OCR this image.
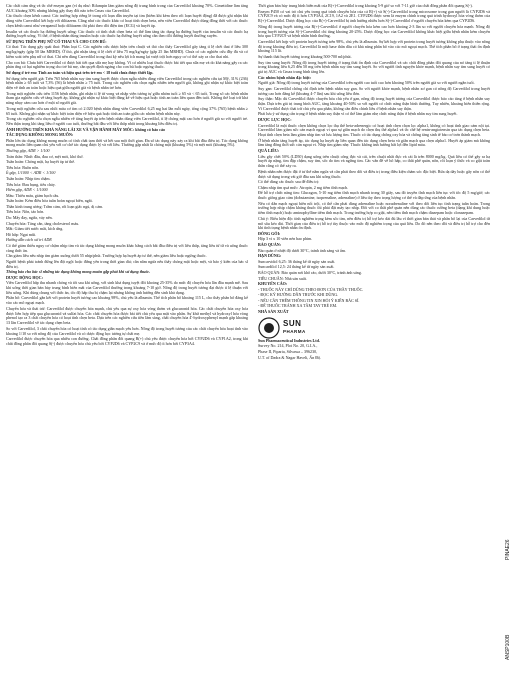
Các chất cảm ứng và ức chế enzym gan (ví dụ như: Rifampin làm giảm nồng độ trung bình trong của Carvedilol khoảng 70%. Cimetidine làm tăng AUC khoảng 30% nhưng không gây thay đổi nào trên Cmax của Carvedilol.

Các thuốc chẹn kênh canxi: Các trường hợp riêng lẻ trong rối loạn dẫn truyền tại tim (hiếm khi kèm theo rối loạn huyết động) đã được ghi nhận khi dùng viên Carvedilol kết hợp với diltiazem. Cũng như các thuốc khác có hoạt tính chẹn beta, nên viên Carvedilol được dùng đồng thời với các thuốc chẹn kênh canxi như verapamil hoặc diltiazem thì phải theo dõi điện tim (ECG) và huyết áp.

Insulin và các thuốc hạ đường huyết uống: Các thuốc có tính chất chẹn beta có thể làm tăng tác dụng hạ đường huyết của insulin và các thuốc hạ đường huyết uống. Vì thế, ở bệnh nhân dùng insulin hoặc các thuốc hạ đường huyết uống cần theo dõi đường huyết thường xuyên.

SỬ DỤNG TRÊN PHỤ NỮ CÓ THAI VÀ CHO CON BÚ:

Có thai: Tác dụng gây quái thai: Phân loại C. Các nghiên cứu dược hiện trên chuột và thỏ cho thấy Carvedilol gây tăng tỉ lệ chết thai ở liều 300 mg/kg/ngày (gấp 50 lần MRHD). Ở thỏ, ghi nhận tăng tỉ lệ chết ở liều 75 mg/kg/ngày (gấp 25 lần MRHD). Chưa có các nghiên cứu đầy đủ và có kiểm soát trên phụ nữ có thai. Chỉ nên dùng Carvedilol trong thai kỳ nếu lợi ích mang lại vượt trội hơn nguy cơ có thể xảy ra cho thai nhi.

Cho con bú: Chưa biết Carvedilol có được bài tiết qua sữa mẹ hay không. Vì có nhiều loại thuốc được bài tiết qua sữa mẹ và do khả năng gây ra các phản ứng có hại nghiêm trọng cho trẻ bú mẹ, cần quyết định ngưng cho con bú hoặc ngưng thuốc.

Sử dụng ở trẻ em: Tính an toàn và hiệu quả trên trẻ em < 18 tuổi chưa được thiết lập.

Sử dụng trên người già: Trên 765 bệnh nhân suy tim sung huyết được chọn ngẫu nhiên dùng viên Carvedilol trong các nghiên cứu tại Mỹ, 31% (236) bệnh nhân ≥ 65 tuổi và 7,3% (56) là bệnh nhân ≥ 75 tuổi. Trong các nghiên cứu chọn ngẫu nhiên trên người già, không ghi nhận sự khác biệt toàn diện về tính an toàn hoặc hiệu quả giữa người già và bệnh nhân trẻ hơn.

Trong một nghiên cứu trên 1156 bệnh nhân, ghi nhận tỉ lệ tử vong và nhập viện tương tự giữa nhóm tuổi ≥ 65 và < 65 tuổi. Trong số các bệnh nhân tham gia nghiên cứu về tăng huyết áp, không ghi nhận sự khác biệt đáng kể về hiệu quả hoặc tính an toàn liên quan đến tuổi. Không thể loại trừ khả năng nhạy cảm cao hơn ở một số người già.

Trong một nghiên cứu sau nhồi máu cơ tim có 2.020 bệnh nhân dùng viên Carvedilol 6,25 mg hai lần mỗi ngày, tổng cộng 37% (765) bệnh nhân ≥ 65 tuổi. Không ghi nhận sự khác biệt toàn diện về hiệu quả hoặc tính an toàn giữa các nhóm bệnh nhân này.

Trong các nghiên cứu chọn ngẫu nhiên về tăng huyết áp trên bệnh nhân dùng viên Carvedilol, tỉ lệ chóng mặt cao hơn ở người già so với người trẻ. Nên thận trọng khi tăng liều ở người cao tuổi, thường bắt đầu với liều thấp nhất trong khoảng liều điều trị.

ẢNH HƯỞNG TRÊN KHẢ NĂNG LÁI XE VÀ VẬN HÀNH MÁY MÓC: không có báo cáo

TÁC DỤNG KHÔNG MONG MUỐN:

Phần lớn tác dụng không mong muốn có tính chất tạm thời và hết sau một thời gian. Đa số tác dụng này xảy ra khi bắt đầu điều trị. Tác dụng không mong muốn liên quan chủ yếu với cơ chế tác dụng được lý và với liều. Thường gặp nhất là chóng mặt (khoảng 5%) và mệt mỏi (khoảng 5%).

Thường gặp, ADR > 1/100

Toàn thân: Nhức đầu, đau cơ, mệt mỏi, khó thở.

Tuần hoàn: Chóng mặt, hạ huyết áp tư thế.

Tiêu hóa: Buồn nôn.

Ít gặp, 1/1000 < ADR < 1/100

Tuần hoàn: Nhịp tim chậm.

Tiêu hóa: Đau bụng, tiêu chảy.

Hiếm gặp, ADR < 1/1000

Máu: Thiếu máu, giảm bạch cầu.

Tuần hoàn: Kém điều hòa tuần hoàn ngoại biên, ngất.

Thần kinh trung ương: Trầm cảm, rối loạn giấc ngủ, dị cảm.

Tiêu hóa: Nôn, táo bón.

Da: Mẩy đay, ngứa, vảy nến.

Chuyển hóa: Tăng cân, tăng cholesterol máu.

Mắt: Giảm tiết nước mắt, kích ứng.

Hô hấp: Ngạt mũi.

Hướng dẫn cách xử trí ADR

Có thể giảm thiểu nguy cơ chậm nhịp tim và tác dụng không mong muốn khác bằng cách bắt đầu điều trị với liều thấp, tăng liều từ từ và uống thuốc cùng thức ăn.

Cần giảm liều nếu nhịp tim giảm xuống dưới 55 nhịp/phút. Trường hợp hạ huyết áp tư thế, nên giảm liều hoặc ngừng thuốc.

Người bệnh phải tránh đứng lên đột ngột hoặc đứng yên trong thời gian dài; cần nằm ngửa nếu thấy chóng mặt hoặc mệt, và báo ý kiến của bác sĩ điều trị.

Thông báo cho bác sĩ những tác dụng không mong muốn gặp phải khi sử dụng thuốc.

DƯỢC ĐỘNG HỌC:

Viên Carvedilol hấp thu nhanh chóng và tốt sau khi uống, với sinh khả dụng tuyệt đối khoảng 25-35% do mức độ chuyển hóa lần đầu mạnh mẽ. Sau khi uống thời gian bán hủy trung bình biến mất của Carvedilol thường trong khoảng 7-10 giờ. Nồng độ trong huyết tương đạt được tỉ lệ thuận với liều uống. Khi dùng chung với thức ăn, tốc độ hấp thu bị chậm lại nhưng không ảnh hưởng đến sinh khả dụng.

Phân bố: Carvedilol gắn kết với protein huyết tương cao khoảng 98%, chủ yếu là albumin. Thể tích phân bố khoảng 115 L, cho thấy phân bố đáng kể vào các mô ngoại mạch.

Chuyển hóa và thải trừ: Carvedilol được chuyển hóa mạnh, chủ yếu qua sự oxy hóa vòng thơm và glucuronid hóa. Các chất chuyển hóa oxy hóa được liên hợp tiếp qua glucuronid và sulfat hóa. Các chất chuyển hóa được bài tiết chủ yếu qua mật vào phân. Sự khử methyl và hydroxyl hóa vòng phenol tạo ra 3 chất chuyển hóa có hoạt tính chẹn beta. Dựa trên các nghiên cứu tiền lâm sàng, chất chuyển hóa 4'-hydroxyphenyl mạnh gấp khoảng 13 lần Carvedilol về tác dụng chẹn beta.

So với Carvedilol, 3 chất chuyển hóa có hoạt tính có tác dụng giãn mạch yếu hơn. Nồng độ trong huyết tương của các chất chuyển hóa hoạt tính vào khoảng 1/10 so với nồng độ của Carvedilol và có dược động học tương tự chất mẹ.

Carvedilol được chuyển hóa qua nhiều con đường. Chất đồng phân đối quang R(+) chủ yếu được chuyển hóa bởi CYP2D6 và CYP1A2, trong khi chất đồng phân đối quang S(-) được chuyển hóa chủ yếu bởi CYP2D6 và CYP2C9 và ở mức độ ít hơn bởi CYP3A4.

Thời gian bán hủy trung bình biến mất của R(+)-Carvedilol trong khoảng 5-9 giờ so với 7-11 giờ của chất đồng phân đối quang S(-).

Enzym P450 có vai trò chủ yếu trong quá trình chuyển hóa của cả R(+) và S(-)-Carvedilol trong microsome trong gan người là CYP2D6 và CYP2C9 và có mức độ ít hơn CYP3A4, 2C19, 1A2 và 2E1. CYP2D6 được xem là enzym chính trong quá trình hydroxyl hóa vòng thơm của R(+)-Carvedilol. Dược động học của R(+)-Carvedilol bị ảnh hưởng nhiều hơn S(-)-Carvedilol ở người chuyển hóa kém qua CYP2D6.

Nồng độ trong huyết tương của R(+)-Carvedilol ở người chuyển hóa kém cao hơn khoảng 2-3 lần so với người chuyển hóa mạnh. Nồng độ trong huyết tương của S(-)-Carvedilol chỉ tăng khoảng 20-25%. Dược động học của Carvedilol không khác biệt giữa bệnh nhân kém chuyển hóa qua CYP2C9 và bệnh nhân bình thường.

Carvedilol kết hợp với protein huyết tương trên 98%, chủ yếu là albumin. Sự kết hợp với protein trong huyết tương không phụ thuộc vào nồng độ trong khoảng điều trị. Carvedilol là một base thân dầu có khả năng phân bố vào các mô ngoại mạch. Thể tích phân bố ở trạng thái ổn định khoảng 115 lít.

Sự thanh thải huyết tương trong khoảng 500-700 ml/phút.

Suy tim sung huyết: Nồng độ trong huyết tương ở trạng thái ổn định của Carvedilol và các chất đồng phân đối quang của nó tăng tỉ lệ thuận trong khoảng liều 6,25 đến 50 mg trên bệnh nhân suy tim sung huyết. So với người tình nguyện khỏe mạnh, bệnh nhân suy tim sung huyết có giá trị AUC và Cmax trung bình tăng lên.

Các nhóm bệnh nhân đặc biệt:

Người già: Nồng độ trong huyết tương của Carvedilol trên người cao tuổi cao hơn khoảng 50% trên người già so với người ngắn tuổi.

Suy gan: Carvedilol chống chỉ định trên bệnh nhân suy gan. So với người khỏe mạnh, bệnh nhân xơ gan có nồng độ Carvedilol trong huyết tương cao hơn đáng kể (khoảng 4-7 lần) sau khi uống liều đơn.

Suy thận: Mặc dù Carvedilol được chuyển hóa chủ yếu ở gan, nồng độ trong huyết tương của Carvedilol được báo cáo tăng ở bệnh nhân suy thận. Dựa trên giá trị trung bình AUC, tăng khoảng 40-50% so với người có chức năng thận bình thường. Tuy nhiên, khoảng biến thiên rộng. Vì Carvedilol được thải trừ chủ yếu qua phân, không cần điều chỉnh liều ở bệnh nhân suy thận.

Phải lưu ý sử dụng cẩn trọng ở bệnh nhân suy thận vì có thể làm giảm nhẹ chức năng thận ở bệnh nhân suy tim sung huyết.

DƯỢC LỰC HỌC:

Carvedilol là một thuốc chẹn không chọn lọc thụ thể beta-adrenergic có hoạt tính chẹn chọn lọc alpha1, không có hoạt tính giao cảm nội tại. Carvedilol làm giảm sức cản mạch ngoại vi qua sự giãn mạch do chẹn thụ thể alpha1 và ức chế hệ renin-angiotensin qua tác dụng chẹn beta. Hoạt tính chẹn beta làm giảm nhịp tim và lưu lượng tim. Thuốc có tác dụng chống oxy hóa và chống tăng sinh tế bào cơ trơn thành mạch.

Ở bệnh nhân tăng huyết áp, tác dụng hạ huyết áp liên quan đến tác dụng chẹn beta và giãn mạch qua chẹn alpha1. Huyết áp giảm mà không làm tăng đồng thời sức cản ngoại vi. Nhịp tim giảm nhẹ. Thuốc không ảnh hưởng bất lợi đến lipid máu.

QUÁ LIỀU:

Liều gây chết 50% (LD50) dạng uống trên chuột cống đực và cái, trên chuột nhắt đực và cái là trên 8000 mg/kg. Quá liều có thể gây ra hạ huyết áp nặng, tim đập chậm, suy tim, sốc do tim và ngừng tim. Các vấn đề về hô hấp, co thắt phế quản, nôn, rối loạn ý thức và co giật toàn thân cũng có thể xảy ra.

Bệnh nhân nên được đặt ở tư thế nằm ngửa và cần phải theo dõi và điều trị trong điều kiện chăm sóc đặc biệt. Rửa dạ dày hoặc gây nôn có thể được sử dụng trong vài giờ đầu sau khi uống thuốc.

Có thể dùng các thuốc sau để điều trị:

Chậm nhịp tim quá mức: Atropin, 2 mg tiêm tĩnh mạch.

Để hỗ trợ chức năng tim: Glucagon, 5-10 mg tiêm tĩnh mạch nhanh trong 30 giây, sau đó truyền tĩnh mạch liên tục với tốc độ 5 mg/giờ; các thuốc giống giao cảm (dobutamine, isoprenaline, adrenaline) ở liều tùy theo trọng lượng cơ thể và đáp ứng của bệnh nhân.

Nếu có dãn mạch ngoại biên nổi trội, có thể cần phải dùng adrenaline hoặc noradrenaline với theo dõi liên tục tình trạng tuần hoàn. Trong trường hợp nhịp chậm kháng thuốc thì phải đặt máy tạo nhịp. Đối với co thắt phế quản nên dùng các thuốc cường beta (dạng khí dung hoặc tiêm tĩnh mạch) hoặc aminophylline tiêm tĩnh mạch. Trong trường hợp co giật, nên tiêm tĩnh mạch chậm diazepam hoặc clonazepam.

Chú ý: Biểu hiện độc tính nghiêm trọng kèm sốc tim, nên điều trị hỗ trợ kéo dài đủ lâu vì thời gian bán thải và phân bố lại của Carvedilol từ mô sâu kéo dài. Thời gian của điều trị hỗ trợ tùy thuộc vào mức độ nghiêm trọng của quá liều. Do đó nên theo dõi và điều trị hỗ trợ cho đến khi tình trạng bệnh nhân ổn định.

ĐÓNG GÓI:

Hộp 3 vỉ x 10 viên nén bao phim.

BẢO QUẢN:

Bảo quản ở nhiệt độ dưới 30°C, tránh ánh sáng và ẩm.

HẠN DÙNG:

Suncarvidol 6,25: 36 tháng kể từ ngày sản xuất.

Suncardilol 12,5: 24 tháng kể từ ngày sản xuất.

BẢO QUẢN: Bảo quản nơi khô ráo, dưới 30°C, tránh ánh sáng.

TIÊU CHUẨN: Nhà sản xuất.

KHUYẾN CÁO:

- THUỐC NÀY CHỈ DÙNG THEO ĐƠN CỦA THẦY THUỐC.

- ĐỌC KỸ HƯỚNG DẪN TRƯỚC KHI DÙNG.

- NẾU CẦN THÊM THÔNG TIN XIN HỎI Ý KIẾN BÁC SĨ.

- ĐỂ THUỐC TRÁNH XA TẦM TAY TRẺ EM.

NHÀ SẢN XUẤT

SUN
PHARMA

Sun Pharmaceutical Industries Ltd.

Survey No. 214, Plot No. 20, G.I.A.,

Phase II, Piparia, Silvassa – 396230,

U.T. of Dadra & Nagar Haveli, Ấn Độ.

PINAE26
ANSP100B
